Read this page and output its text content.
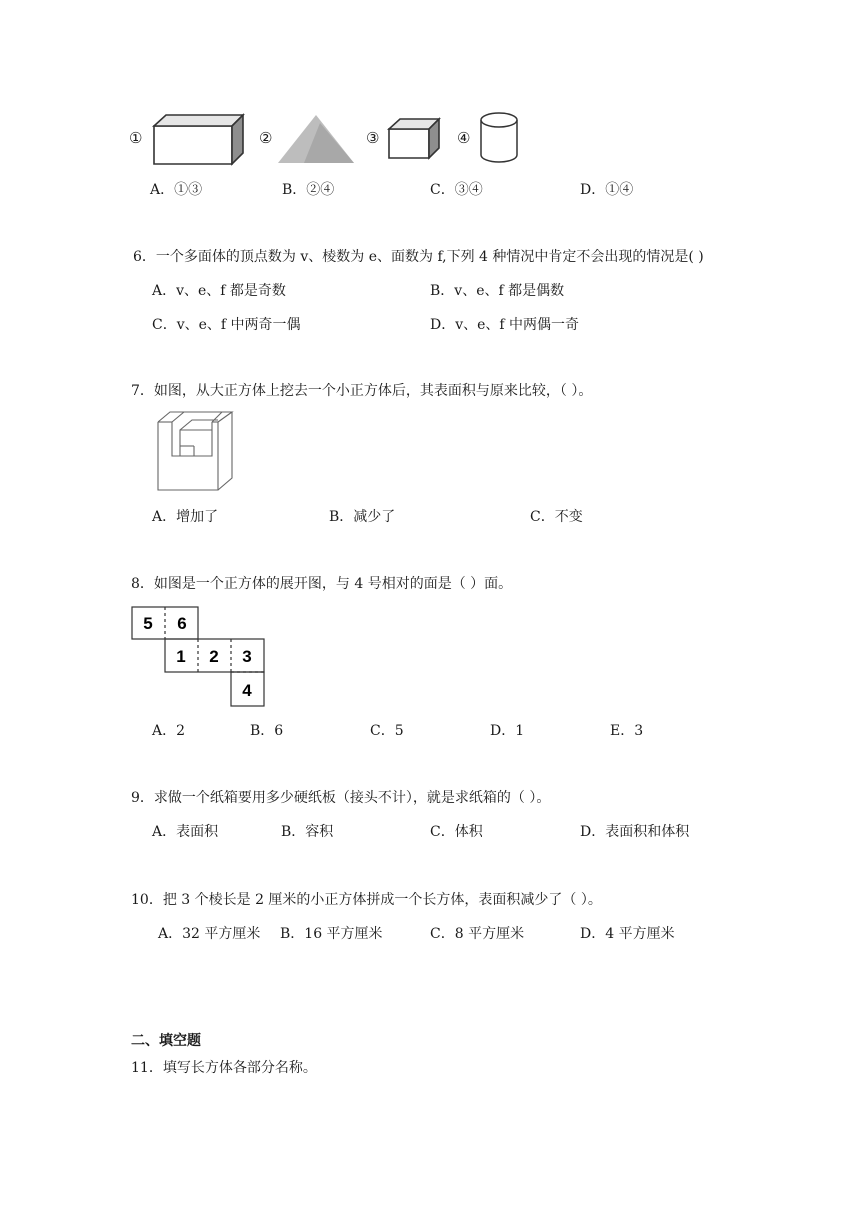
①	②	③	④
A．①③	B．②④	C．③④	D．①④
6．一个多面体的顶点数为 v、棱数为 e、面数为 f,下列 4 种情况中肯定不会出现的情况是( )
A．v、e、f 都是奇数	B．v、e、f 都是偶数
C．v、e、f 中两奇一偶	D．v、e、f 中两偶一奇
7．如图，从大正方体上挖去一个小正方体后，其表面积与原来比较，（ ）。
A．增加了	B．减少了	C．不变
8．如图是一个正方体的展开图，与 4 号相对的面是（ ）面。
5 6
1 2 3
4
A．2	B．6	C．5	D．1	E．3
9．求做一个纸箱要用多少硬纸板（接头不计），就是求纸箱的（ ）。
A．表面积	B．容积	C．体积	D．表面积和体积
10．把 3 个棱长是 2 厘米的小正方体拼成一个长方体，表面积减少了（ ）。
A．32 平方厘米 B．16 平方厘米	C．8 平方厘米	D．4 平方厘米
二、填空题
11．填写长方体各部分名称。
